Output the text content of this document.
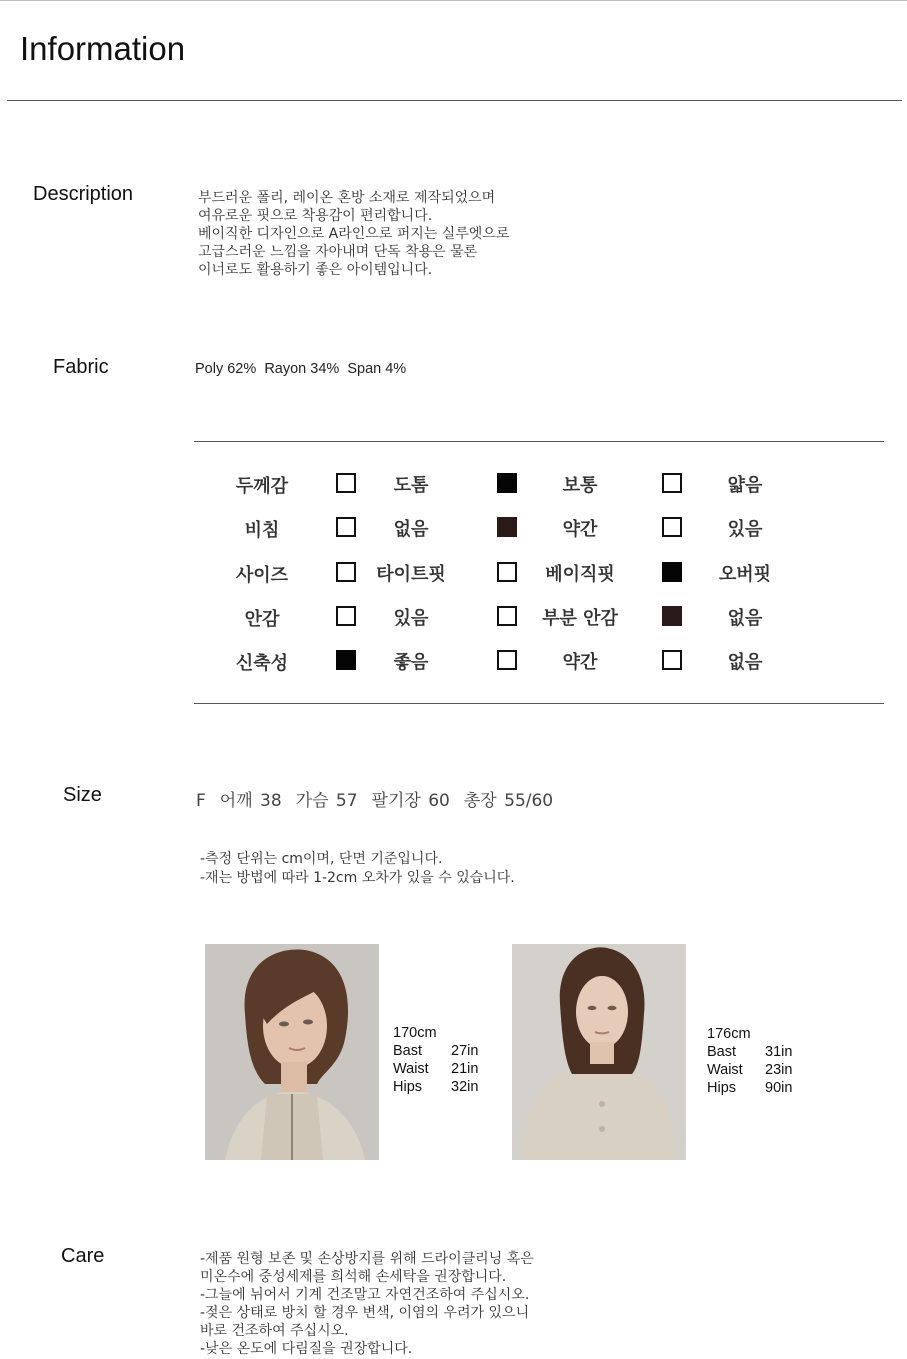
Information
Description	부드러운 폴리, 레이온 혼방 소재로 제작되었으며
여유로운 핏으로 착용감이 편리합니다.
베이직한 디자인으로 A라인으로 퍼지는 실루엣으로
고급스러운 느낌을 자아내며 단독 착용은 물론
이너로도 활용하기 좋은 아이템입니다.
Fabric	Poly 62%  Rayon 34%  Span 4%
두께감	도톰	보통	얇음
비침	없음	약간	있음
사이즈	타이트핏	베이직핏	오버핏
안감	있음	부분 안감	없음
신축성	좋음	약간	없음
Size	F 어깨 38 가슴 57 팔기장 60 총장 55/60
-측정 단위는 cm이며, 단면 기준입니다.
-재는 방법에 따라 1-2cm 오차가 있을 수 있습니다.
170cm
Bast 27in
Waist 21in
Hips 32in
176cm
Bast 31in
Waist 23in
Hips 90in
Care	-제품 원형 보존 및 손상방지를 위해 드라이클리닝 혹은
미온수에 중성세제를 희석해 손세탁을 권장합니다.
-그늘에 뉘어서 기계 건조말고 자연건조하여 주십시오.
-젖은 상태로 방치 할 경우 변색, 이염의 우려가 있으니
바로 건조하여 주십시오.
-낮은 온도에 다림질을 권장합니다.
